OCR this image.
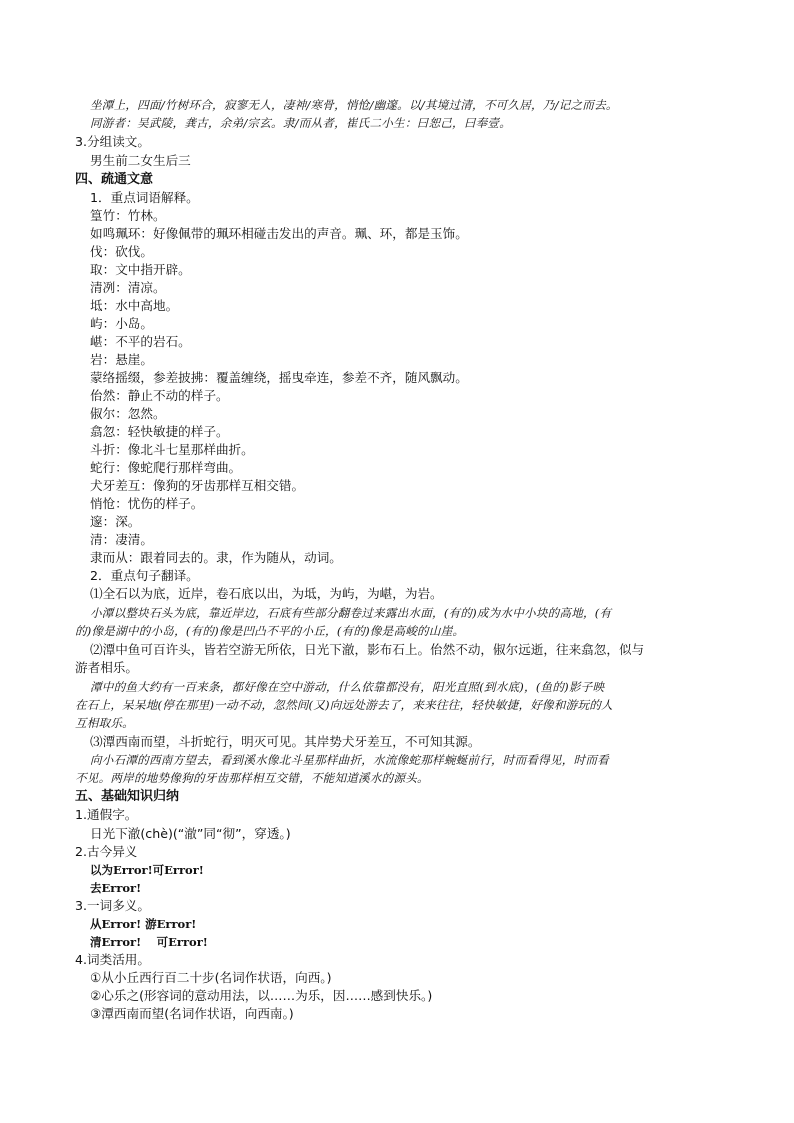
坐潭上，四面/竹树环合，寂寥无人，凄神/寒骨，悄怆/幽邃。以/其境过清，不可久居，乃/记之而去。
同游者：吴武陵，龚古，余弟/宗玄。隶/而从者，崔氏二小生：曰恕己，曰奉壹。
3.分组读文。
男生前二女生后三
四、疏通文意
1．重点词语解释。
篁竹：竹林。
如鸣珮环：好像佩带的珮环相碰击发出的声音。珮、环，都是玉饰。
伐：砍伐。
取：文中指开辟。
清冽：清凉。
坻：水中高地。
屿：小岛。
嵁：不平的岩石。
岩：悬崖。
蒙络摇缀，参差披拂：覆盖缠绕，摇曳牵连，参差不齐，随风飘动。
佁然：静止不动的样子。
俶尔：忽然。
翕忽：轻快敏捷的样子。
斗折：像北斗七星那样曲折。
蛇行：像蛇爬行那样弯曲。
犬牙差互：像狗的牙齿那样互相交错。
悄怆：忧伤的样子。
邃：深。
清：凄清。
隶而从：跟着同去的。隶，作为随从，动词。
2．重点句子翻译。
⑴全石以为底，近岸，卷石底以出，为坻，为屿，为嵁，为岩。
小潭以整块石头为底，靠近岸边，石底有些部分翻卷过来露出水面，(有的)成为水中小块的高地，(有
的)像是湖中的小岛，(有的)像是凹凸不平的小丘，(有的)像是高峻的山崖。
⑵潭中鱼可百许头，皆若空游无所依，日光下澈，影布石上。佁然不动，俶尔远逝，往来翕忽，似与
游者相乐。
潭中的鱼大约有一百来条，都好像在空中游动，什么依靠都没有，阳光直照(到水底)，(鱼的)影子映
在石上，呆呆地(停在那里)一动不动，忽然间(又)向远处游去了，来来往往，轻快敏捷，好像和游玩的人
互相取乐。
⑶潭西南而望，斗折蛇行，明灭可见。其岸势犬牙差互，不可知其源。
向小石潭的西南方望去，看到溪水像北斗星那样曲折，水流像蛇那样蜿蜒前行，时而看得见，时而看
不见。两岸的地势像狗的牙齿那样相互交错，不能知道溪水的源头。
五、基础知识归纳
1.通假字。
日光下澈(chè)(“澈”同“彻”，穿透。)
2.古今异义
以为Error!可Error!
去Error!
3.一词多义。
从Error! 游Error!
清Error!　 可Error!
4.词类活用。
①从小丘西行百二十步(名词作状语，向西。)
②心乐之(形容词的意动用法，以……为乐，因……感到快乐。)
③潭西南而望(名词作状语，向西南。)
